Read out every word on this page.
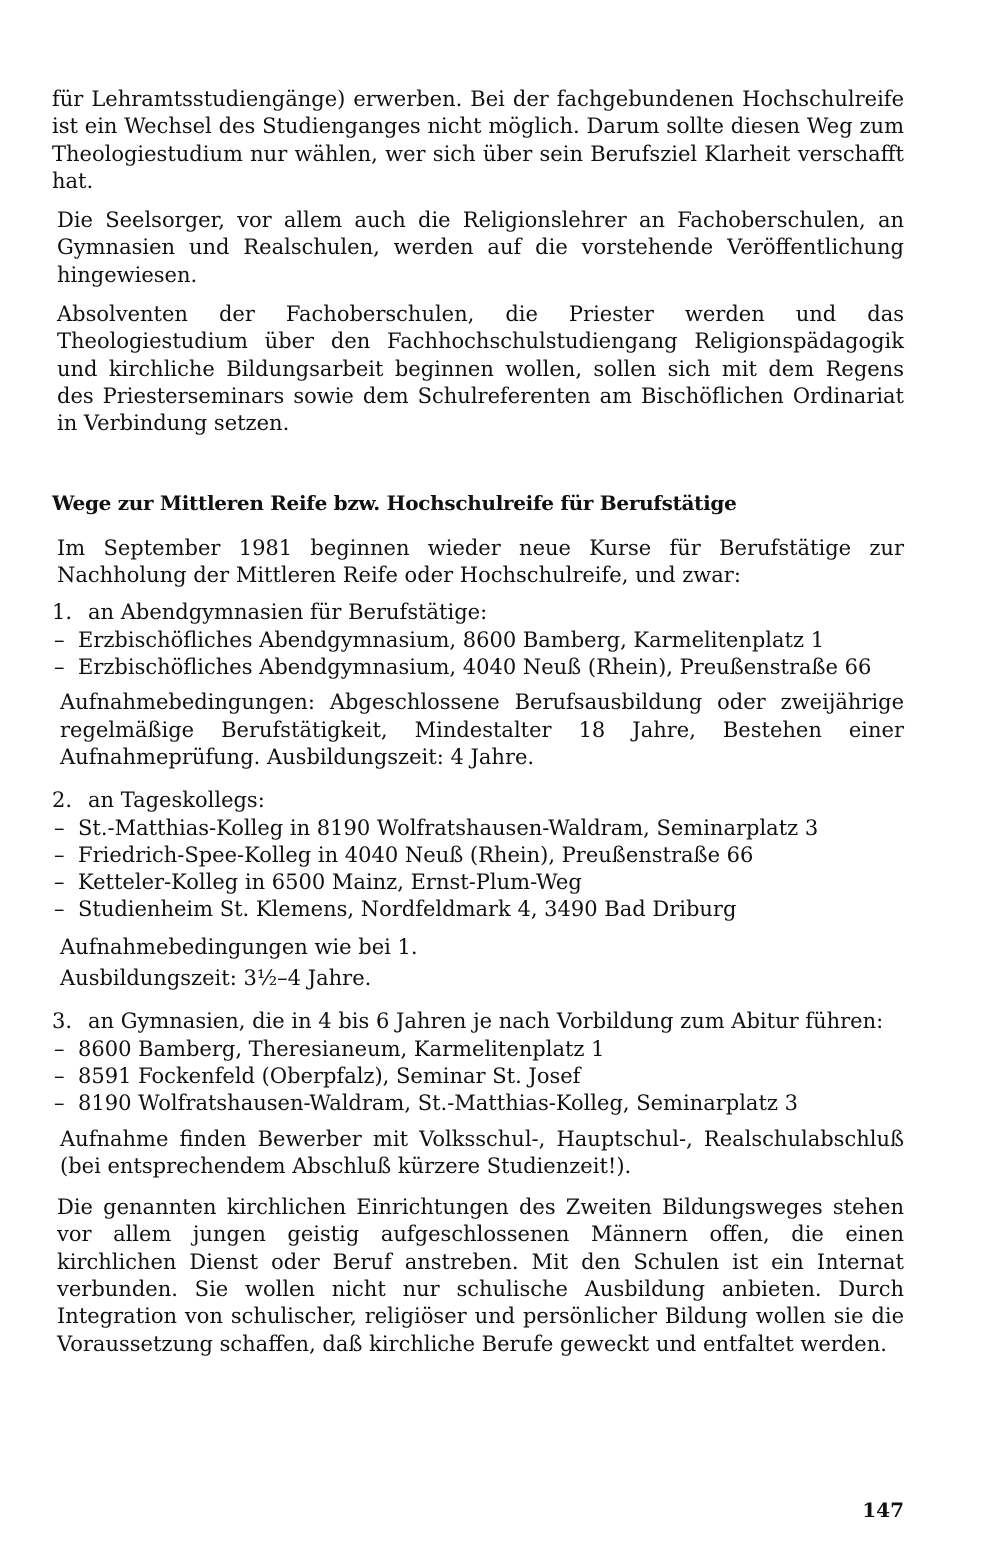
für Lehramtsstudiengänge) erwerben. Bei der fachgebundenen Hochschulreife ist ein Wechsel des Studienganges nicht möglich. Darum sollte diesen Weg zum Theologiestudium nur wählen, wer sich über sein Berufsziel Klarheit verschafft hat.

Die Seelsorger, vor allem auch die Religionslehrer an Fachoberschulen, an Gymnasien und Realschulen, werden auf die vorstehende Veröffentlichung hingewiesen.

Absolventen der Fachoberschulen, die Priester werden und das Theologiestudium über den Fachhochschulstudiengang Religionspädagogik und kirchliche Bildungsarbeit beginnen wollen, sollen sich mit dem Regens des Priesterseminars sowie dem Schulreferenten am Bischöflichen Ordinariat in Verbindung setzen.

Wege zur Mittleren Reife bzw. Hochschulreife für Berufstätige

Im September 1981 beginnen wieder neue Kurse für Berufstätige zur Nachholung der Mittleren Reife oder Hochschulreife, und zwar:

1. an Abendgymnasien für Berufstätige:
– Erzbischöfliches Abendgymnasium, 8600 Bamberg, Karmelitenplatz 1
– Erzbischöfliches Abendgymnasium, 4040 Neuß (Rhein), Preußenstraße 66

Aufnahmebedingungen: Abgeschlossene Berufsausbildung oder zweijährige regelmäßige Berufstätigkeit, Mindestalter 18 Jahre, Bestehen einer Aufnahmeprüfung. Ausbildungszeit: 4 Jahre.

2. an Tageskollegs:
– St.-Matthias-Kolleg in 8190 Wolfratshausen-Waldram, Seminarplatz 3
– Friedrich-Spee-Kolleg in 4040 Neuß (Rhein), Preußenstraße 66
– Ketteler-Kolleg in 6500 Mainz, Ernst-Plum-Weg
– Studienheim St. Klemens, Nordfeldmark 4, 3490 Bad Driburg

Aufnahmebedingungen wie bei 1.

Ausbildungszeit: 3½–4 Jahre.

3. an Gymnasien, die in 4 bis 6 Jahren je nach Vorbildung zum Abitur führen:
– 8600 Bamberg, Theresianeum, Karmelitenplatz 1
– 8591 Fockenfeld (Oberpfalz), Seminar St. Josef
– 8190 Wolfratshausen-Waldram, St.-Matthias-Kolleg, Seminarplatz 3

Aufnahme finden Bewerber mit Volksschul-, Hauptschul-, Realschulabschluß (bei entsprechendem Abschluß kürzere Studienzeit!).

Die genannten kirchlichen Einrichtungen des Zweiten Bildungsweges stehen vor allem jungen geistig aufgeschlossenen Männern offen, die einen kirchlichen Dienst oder Beruf anstreben. Mit den Schulen ist ein Internat verbunden. Sie wollen nicht nur schulische Ausbildung anbieten. Durch Integration von schulischer, religiöser und persönlicher Bildung wollen sie die Voraussetzung schaffen, daß kirchliche Berufe geweckt und entfaltet werden.

147
